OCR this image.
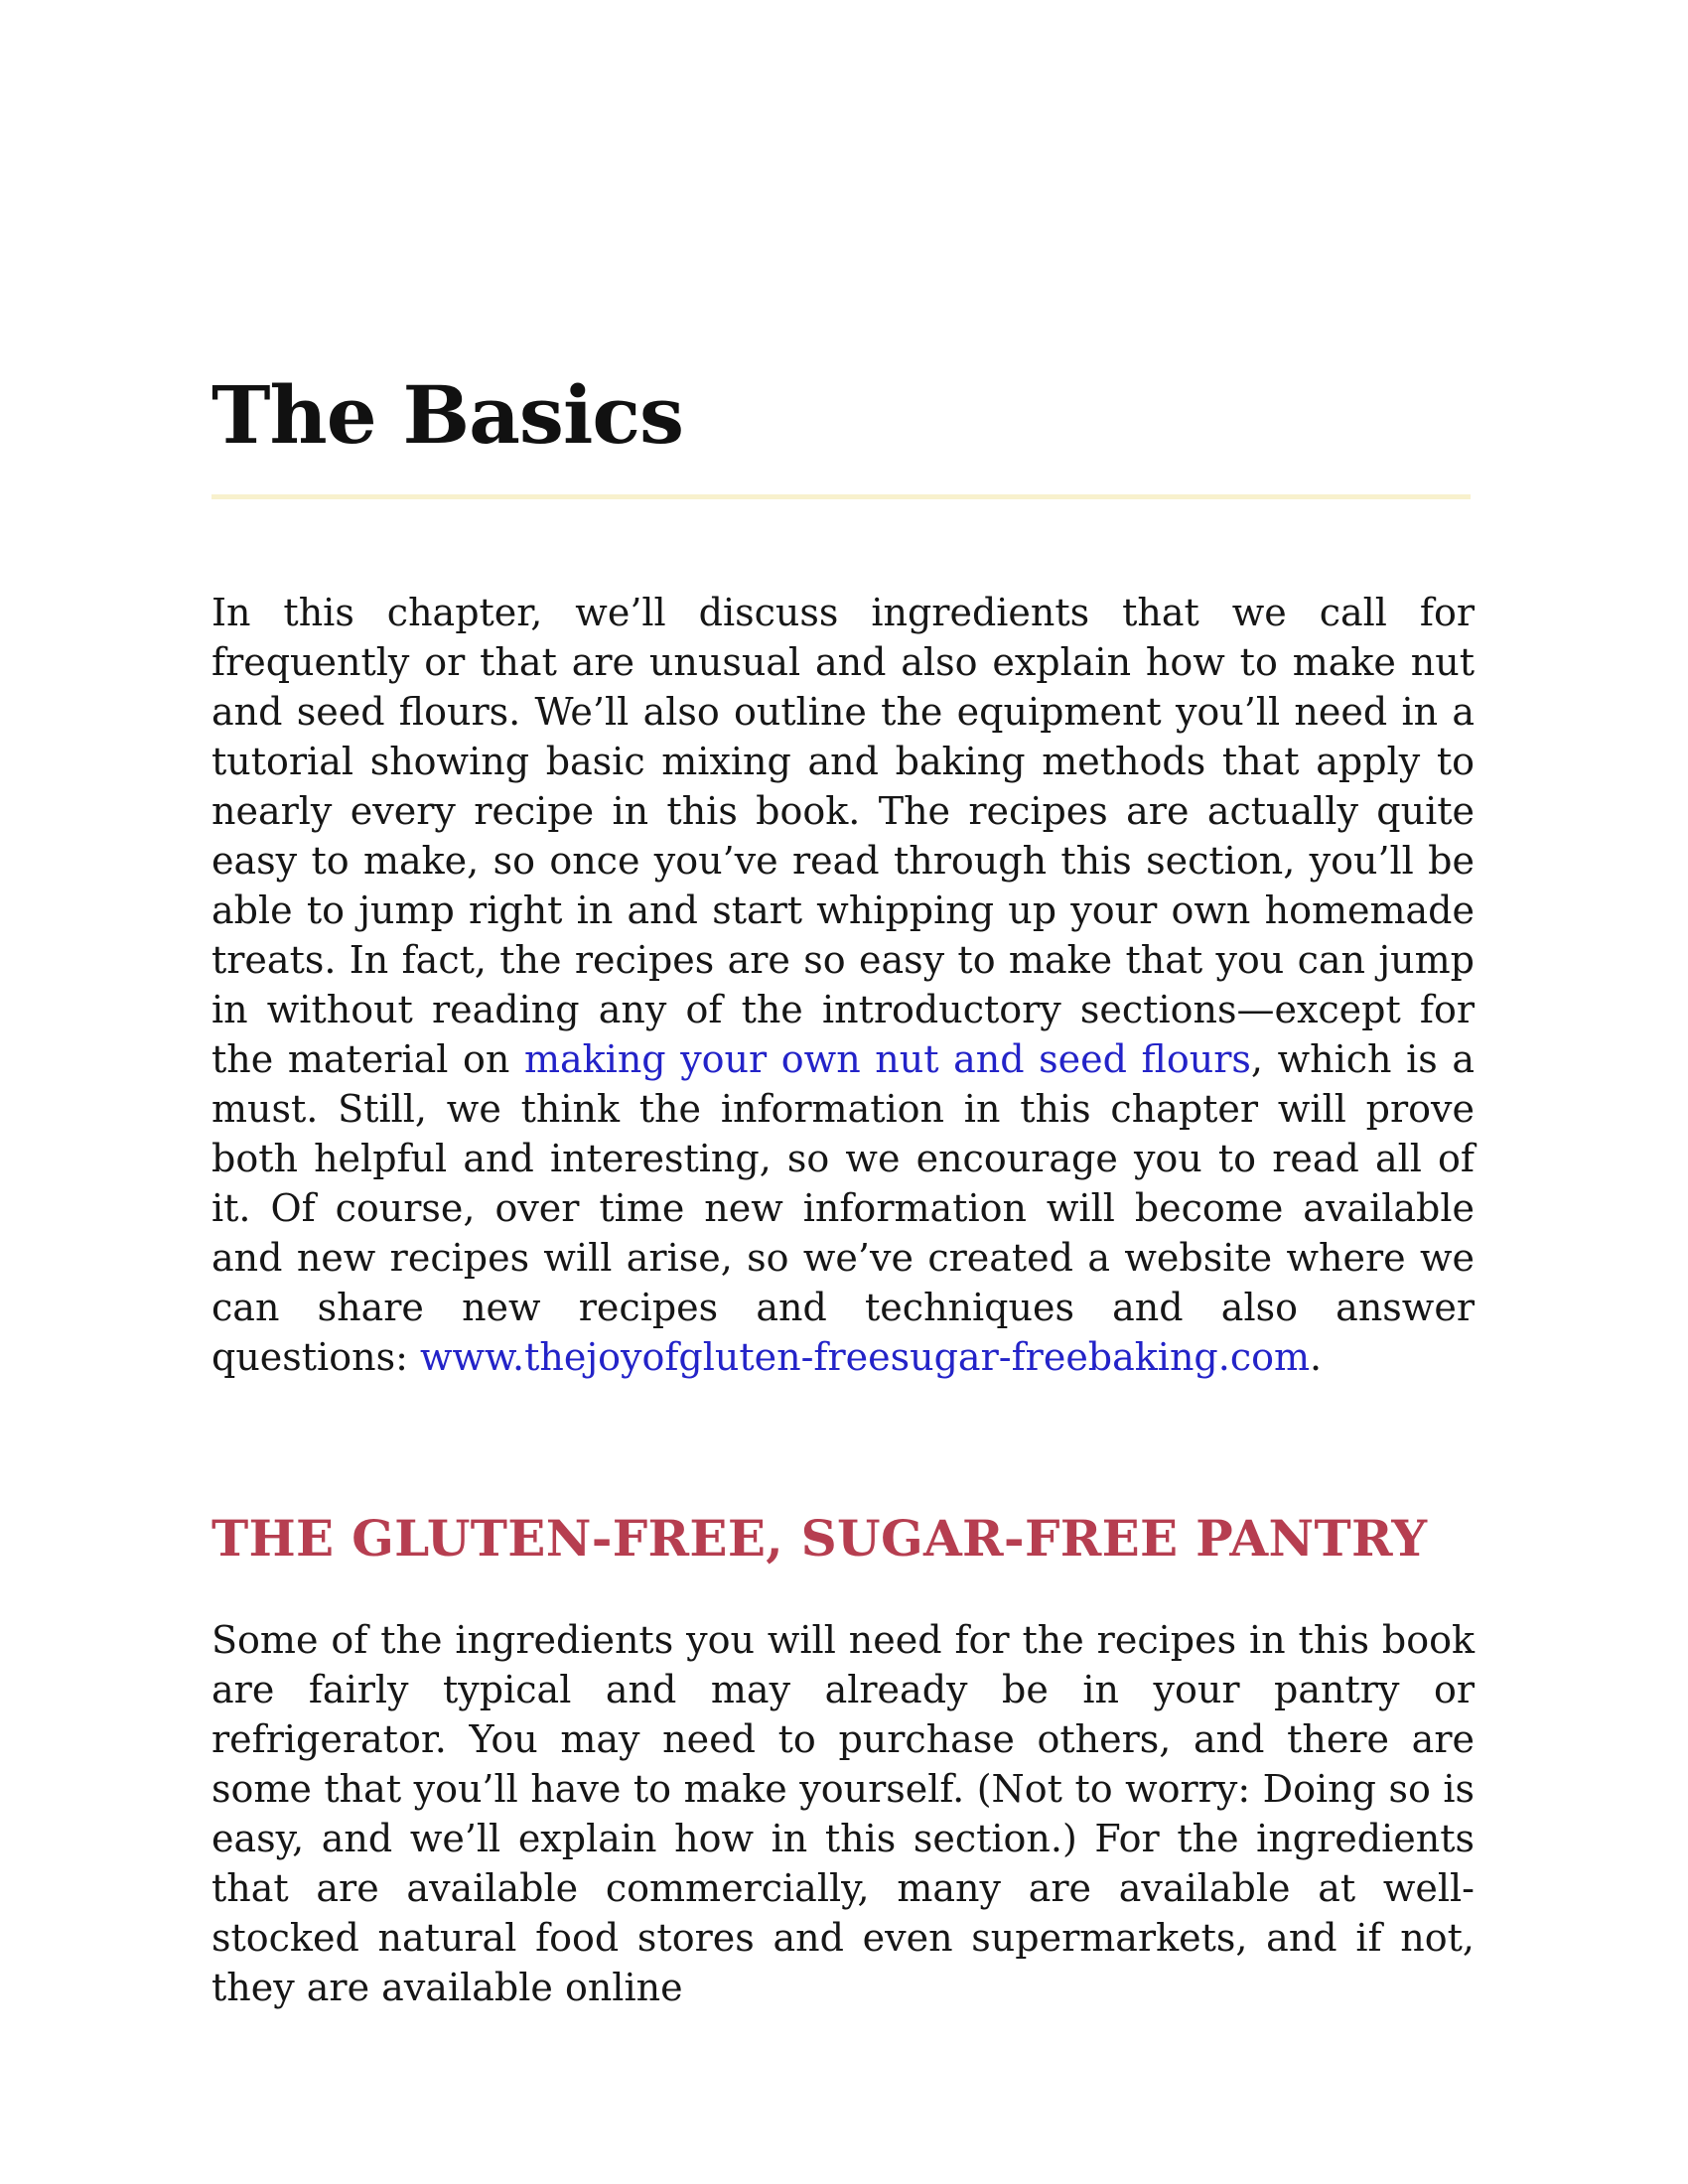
The Basics

In this chapter, we’ll discuss ingredients that we call for frequently or that are unusual and also explain how to make nut and seed flours. We’ll also outline the equipment you’ll need in a tutorial showing basic mixing and baking methods that apply to nearly every recipe in this book. The recipes are actually quite easy to make, so once you’ve read through this section, you’ll be able to jump right in and start whipping up your own homemade treats. In fact, the recipes are so easy to make that you can jump in without reading any of the introductory sections—except for the material on making your own nut and seed flours, which is a must. Still, we think the information in this chapter will prove both helpful and interesting, so we encourage you to read all of it. Of course, over time new information will become available and new recipes will arise, so we’ve created a website where we can share new recipes and techniques and also answer questions: www.thejoyofgluten-freesugar-freebaking.com.

THE GLUTEN-FREE, SUGAR-FREE PANTRY

Some of the ingredients you will need for the recipes in this book are fairly typical and may already be in your pantry or refrigerator. You may need to purchase others, and there are some that you’ll have to make yourself. (Not to worry: Doing so is easy, and we’ll explain how in this section.) For the ingredients that are available commercially, many are available at well-stocked natural food stores and even supermarkets, and if not, they are available online
